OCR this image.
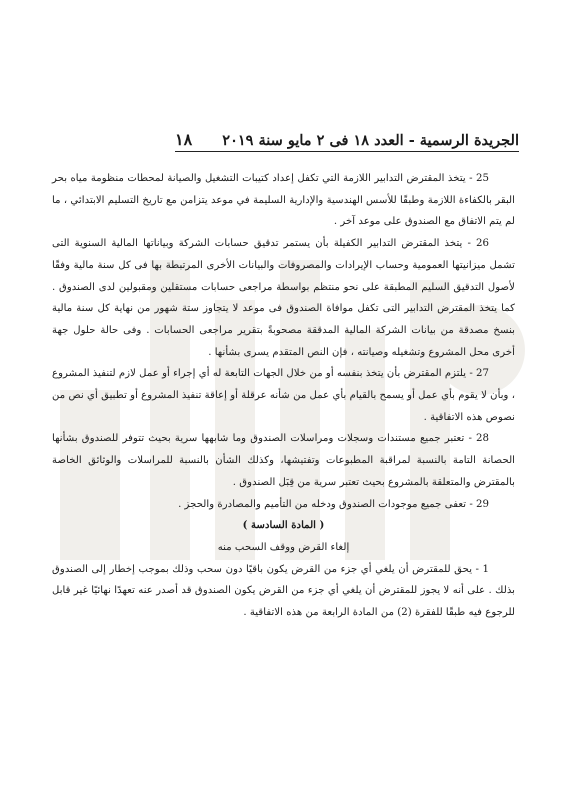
الجريدة الرسمية - العدد ١٨ فى ٢ مايو سنة ٢٠١٩
١٨

25 - يتخذ المقترض التدابير اللازمة التي تكفل إعداد كتيبات التشغيل والصيانة لمحطات منظومة مياه بحر البقر بالكفاءة اللازمة وطبقًا للأسس الهندسية والإدارية السليمة في موعد يتزامن مع تاريخ التسليم الابتدائي ، ما لم يتم الاتفاق مع الصندوق على موعد آخر .

26 - يتخذ المقترض التدابير الكفيلة بأن يستمر تدقيق حسابات الشركة وبياناتها المالية السنوية التى تشمل ميزانيتها العمومية وحساب الإيرادات والمصروفات والبيانات الأخرى المرتبطة بها فى كل سنة مالية وفقًا لأصول التدقيق السليم المطبقة على نحو منتظم بواسطة مراجعى حسابات مستقلين ومقبولين لدى الصندوق . كما يتخذ المقترض التدابير التى تكفل موافاة الصندوق فى موعد لا يتجاوز ستة شهور من نهاية كل سنة مالية بنسخ مصدقة من بيانات الشركة المالية المدققة مصحوبةً بتقرير مراجعى الحسابات . وفى حالة حلول جهة أخرى محل المشروع وتشغيله وصيانته ، فإن النص المتقدم يسرى بشأنها .

27 - يلتزم المقترض بأن يتخذ بنفسه أو من خلال الجهات التابعة له أي إجراء أو عمل لازم لتنفيذ المشروع ، وبأن لا يقوم بأي عمل أو يسمح بالقيام بأي عمل من شأنه عرقلة أو إعاقة تنفيذ المشروع أو تطبيق أي نص من نصوص هذه الاتفاقية .

28 - تعتبر جميع مستندات وسجلات ومراسلات الصندوق وما شابهها سرية بحيث تتوفر للصندوق بشأنها الحصانة التامة بالنسبة لمراقبة المطبوعات وتفتيشها، وكذلك الشأن بالنسبة للمراسلات والوثائق الخاصة بالمقترض والمتعلقة بالمشروع بحيث تعتبر سرية من قِبَل الصندوق .

29 - تعفى جميع موجودات الصندوق ودخله من التأميم والمصادرة والحجز .

( المادة السادسة )

إلغاء القرض ووقف السحب منه

1 - يحق للمقترض أن يلغي أي جزء من القرض يكون باقيًا دون سحب وذلك بموجب إخطار إلى الصندوق بذلك . على أنه لا يجوز للمقترض أن يلغي أي جزء من القرض يكون الصندوق قد أصدر عنه تعهدًا نهائيًا غير قابل للرجوع فيه طبقًا للفقرة (2) من المادة الرابعة من هذه الاتفاقية .
